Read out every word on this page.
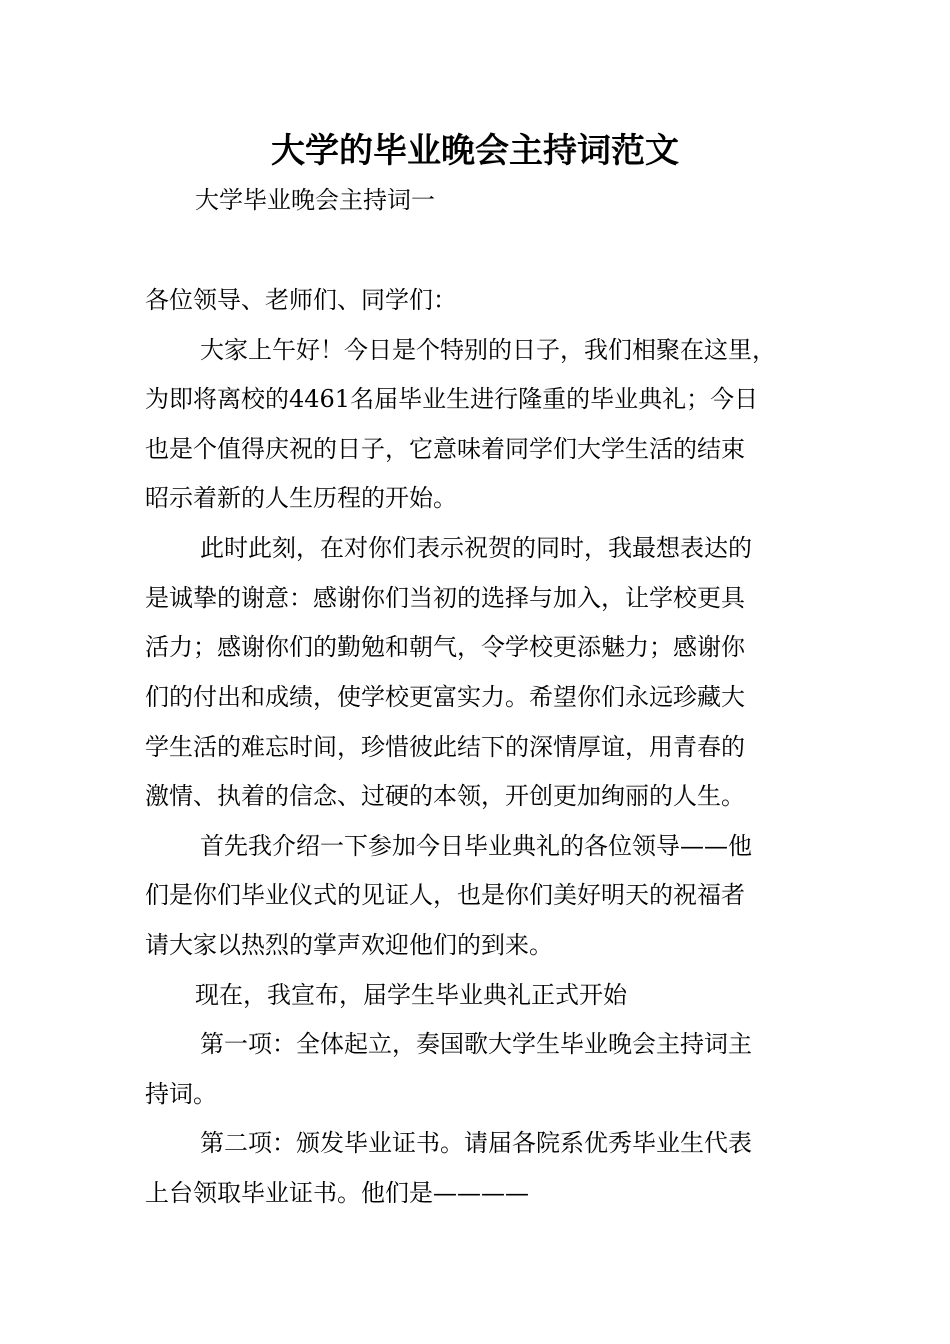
大学的毕业晚会主持词范文
大学毕业晚会主持词一
各位领导、老师们、同学们：
大家上午好！今日是个特别的日子，我们相聚在这里，
为即将离校的4461名届毕业生进行隆重的毕业典礼；今日
也是个值得庆祝的日子，它意味着同学们大学生活的结束
昭示着新的人生历程的开始。
此时此刻，在对你们表示祝贺的同时，我最想表达的
是诚挚的谢意：感谢你们当初的选择与加入，让学校更具
活力；感谢你们的勤勉和朝气，令学校更添魅力；感谢你
们的付出和成绩，使学校更富实力。希望你们永远珍藏大
学生活的难忘时间，珍惜彼此结下的深情厚谊，用青春的
激情、执着的信念、过硬的本领，开创更加绚丽的人生。
首先我介绍一下参加今日毕业典礼的各位领导——他
们是你们毕业仪式的见证人，也是你们美好明天的祝福者
请大家以热烈的掌声欢迎他们的到来。
现在，我宣布，届学生毕业典礼正式开始
第一项：全体起立，奏国歌大学生毕业晚会主持词主
持词。
第二项：颁发毕业证书。请届各院系优秀毕业生代表
上台领取毕业证书。他们是————
